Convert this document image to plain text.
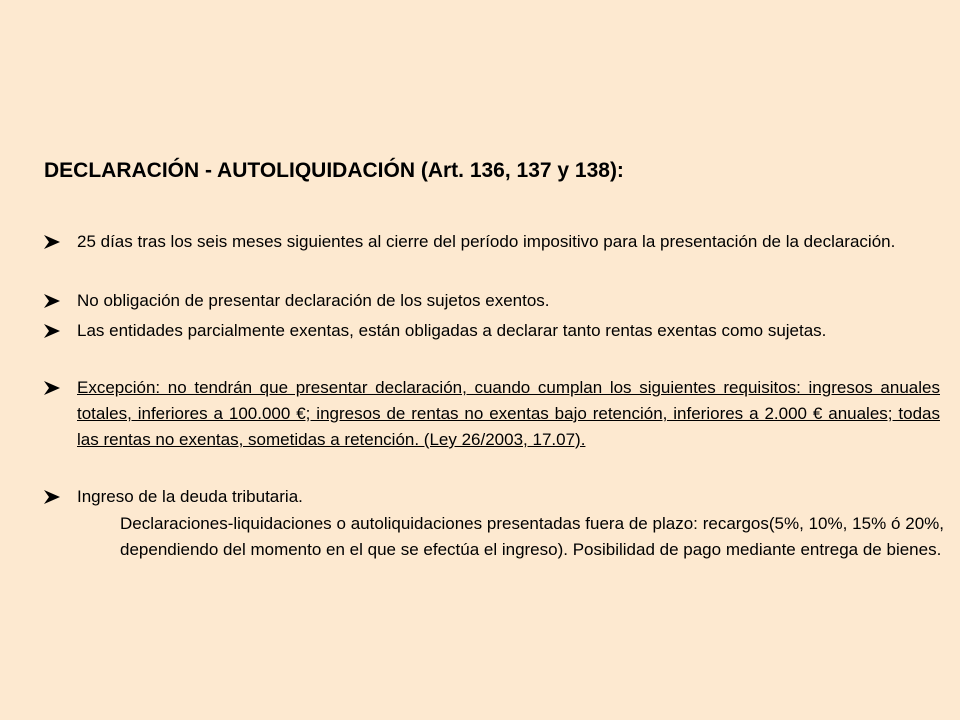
DECLARACIÓN - AUTOLIQUIDACIÓN (Art. 136, 137 y 138):
25 días tras los seis meses siguientes al cierre del período impositivo para la presentación de la declaración.
No obligación de presentar declaración de los sujetos exentos.
Las entidades parcialmente exentas, están obligadas a declarar tanto rentas exentas como sujetas.
Excepción: no tendrán que presentar declaración, cuando cumplan los siguientes requisitos: ingresos anuales totales, inferiores a 100.000 €; ingresos de rentas no exentas bajo retención, inferiores a 2.000 € anuales; todas las rentas no exentas, sometidas a retención. (Ley 26/2003, 17.07).
Ingreso de la deuda tributaria.
Declaraciones-liquidaciones o autoliquidaciones presentadas fuera de plazo: recargos(5%, 10%, 15% ó 20%, dependiendo del momento en el que se efectúa el ingreso). Posibilidad de pago mediante entrega de bienes.
